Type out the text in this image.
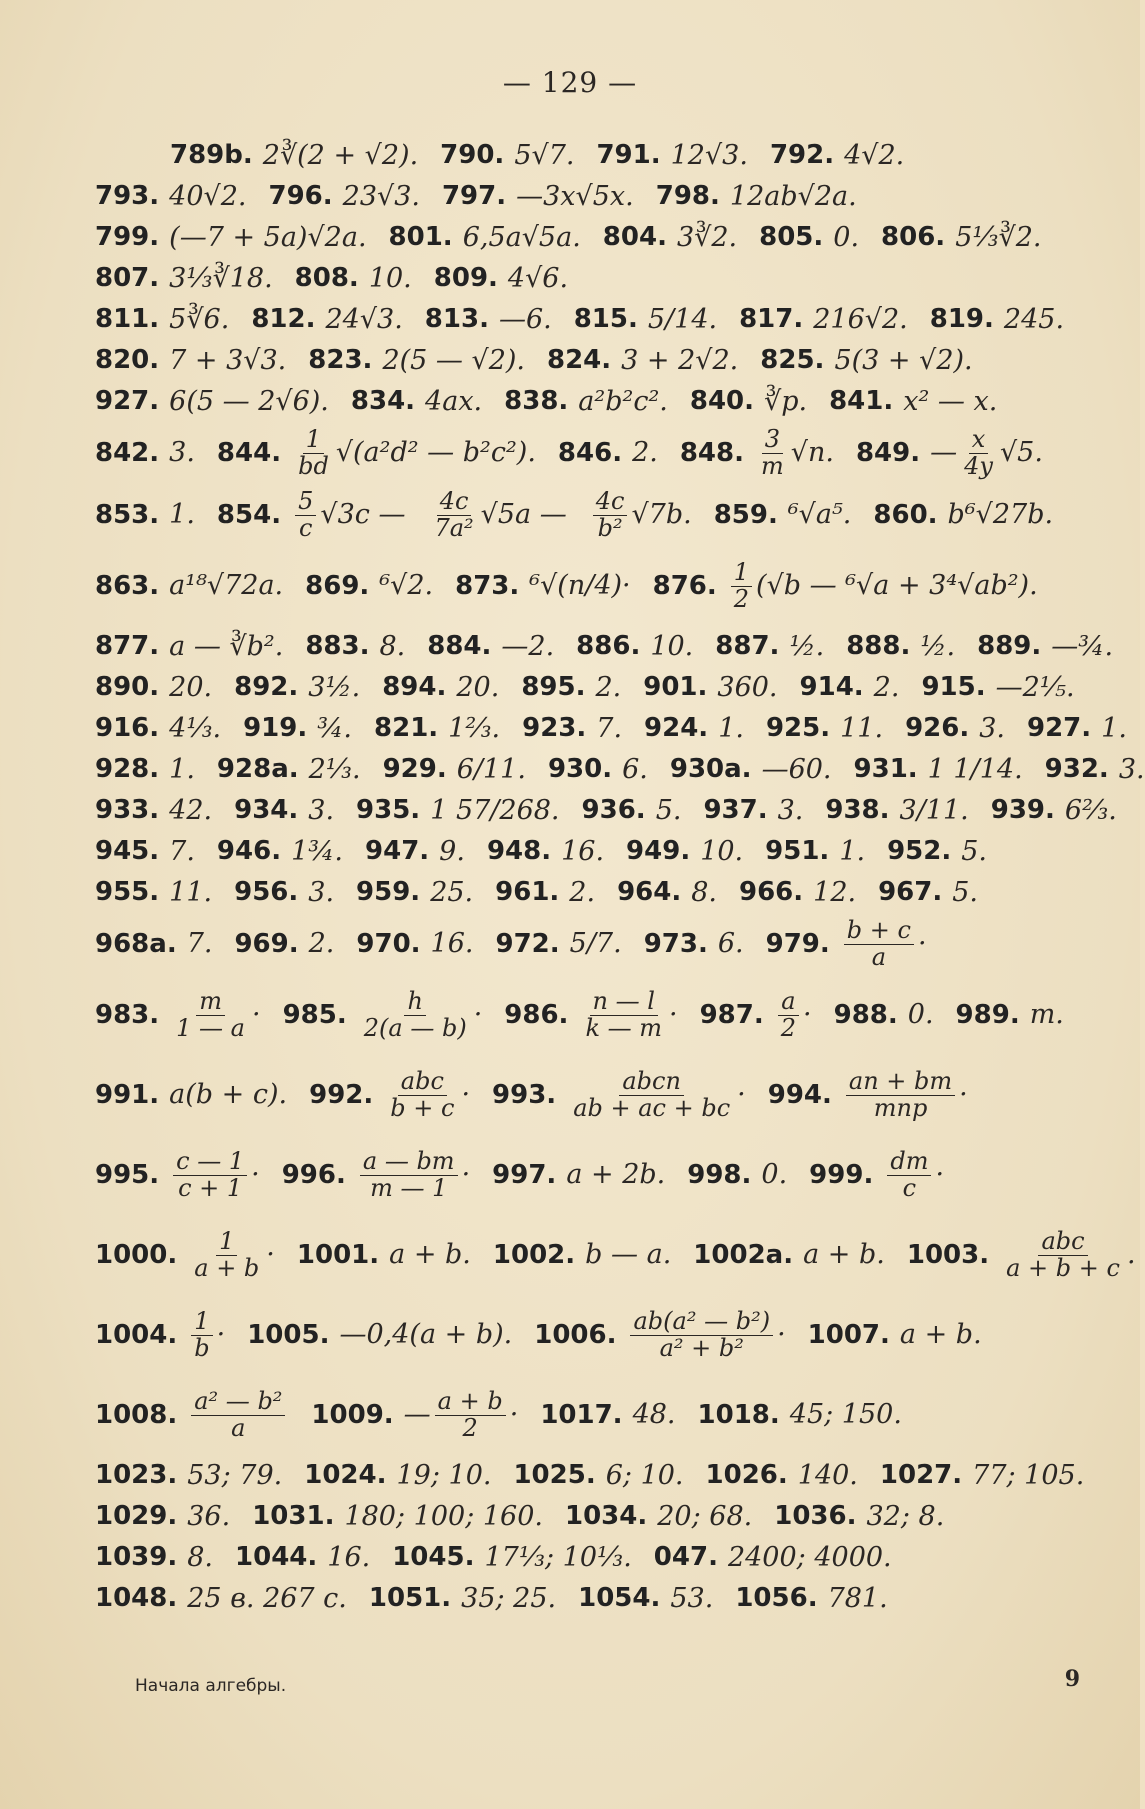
— 129 —
789b. 2∛(2 + √2). 790. 5√7. 791. 12√3. 792. 4√2.
793. 40√2. 796. 23√3. 797. —3x√5x. 798. 12ab√2a.
799. (—7 + 5a)√2a. 801. 6,5a√5a. 804. 3∛2. 805. 0. 806. 5⅓∛2.
807. 3⅓∛18. 808. 10. 809. 4√6.
811. 5∛6. 812. 24√3. 813. —6. 815. 5/14. 817. 216√2. 819. 245.
820. 7 + 3√3. 823. 2(5 — √2). 824. 3 + 2√2. 825. 5(3 + √2).
927. 6(5 — 2√6). 834. 4ax. 838. a²b²c². 840. ∛p. 841. x² — x.
842. 3. 844. $\frac{1}{bd} √(a^2d^2$ — b²c²). 846. 2. 848. $\frac{3}{m} √n$. 849. — $\frac{x}{4y} √5$.
853. 1. 854. $\frac{5}{c} √3c$ — $\frac{4c}{\text{7a²}} √5a$ — $\frac{4c}{\text{b²}} √7b$. 859. ⁶√a⁵. 860. b⁶√27b.
863. a¹⁸√72a. 869. ⁶√2. 873. ⁶√(n/4)· 876. $\frac{1}{2} (√b$ — ⁶√a + 3⁴√ab²).
877. a — ∛b². 883. 8. 884. —2. 886. 10. 887. ½. 888. ½. 889. —¾.
890. 20. 892. 3½. 894. 20. 895. 2. 901. 360. 914. 2. 915. —2⅕.
916. 4⅓. 919. ¾. 821. 1⅔. 923. 7. 924. 1. 925. 11. 926. 3. 927. 1.
928. 1. 928a. 2⅓. 929. 6/11. 930. 6. 930a. —60. 931. 1 1/14. 932. 3.
933. 42. 934. 3. 935. 1 57/268. 936. 5. 937. 3. 938. 3/11. 939. 6⅔.
945. 7. 946. 1¾. 947. 9. 948. 16. 949. 10. 951. 1. 952. 5.
955. 11. 956. 3. 959. 25. 961. 2. 964. 8. 966. 12. 967. 5.
968a. 7. 969. 2. 970. 16. 972. 5/7. 973. 6. 979. $\frac{b + c}{a}$ ·
983. $\frac{m}{1 — a} \cdot 985$. $\frac{h}{2(a — b)} \cdot 986$. $\frac{n — l}{k — m} \cdot 987$. $\frac{a}{2} \cdot 988$. 0. 989. m.
991. a(b + c). 992. $\frac{\text{abc}}{b + c} \cdot 993$. $\frac{\text{abcn}}{ab + ac + bc} \cdot 994$. $\frac{an + bm}{\text{mnp}}$ ·
995. $\frac{c — 1}{c + 1} \cdot 996$. $\frac{a — bm}{m — 1} \cdot 997$. a + 2b. 998. 0. 999. $\frac{dm}{c}$ ·
1000. $\frac{1}{a + b} \cdot 1001$. a + b. 1002. b — a. 1002a. a + b. 1003. $\frac{\text{abc}}{a + b + c}$ .
1004. $\frac{1}{b} \cdot 1005$. —0,4(a + b). 1006. $\frac{\text{ab(a² — b²)}}{\text{a² + b²}} \cdot 1007$. a + b.
1008. $\frac{\text{a² — b²}}{a} 1009$. — $\frac{a + b}{2} \cdot 1017$. 48. 1018. 45; 150.
1023. 53; 79. 1024. 19; 10. 1025. 6; 10. 1026. 140. 1027. 77; 105.
1029. 36. 1031. 180; 100; 160. 1034. 20; 68. 1036. 32; 8.
1039. 8. 1044. 16. 1045. 17⅓; 10⅓. 047. 2400; 4000.
1048. 25 в. 267 с. 1051. 35; 25. 1054. 53. 1056. 781.
Начала алгебры.	9
